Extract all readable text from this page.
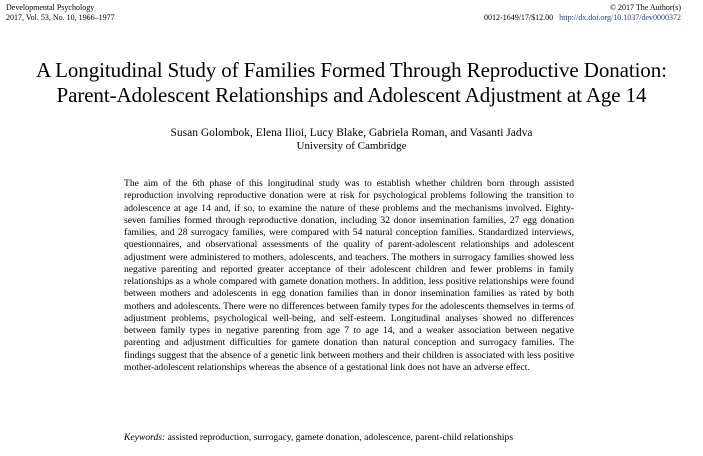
Developmental Psychology
2017, Vol. 53, No. 10, 1966–1977
© 2017 The Author(s)
0012-1649/17/$12.00 http://dx.doi.org/10.1037/dev0000372
A Longitudinal Study of Families Formed Through Reproductive Donation:
Parent-Adolescent Relationships and Adolescent Adjustment at Age 14
Susan Golombok, Elena Ilioi, Lucy Blake, Gabriela Roman, and Vasanti Jadva
University of Cambridge

The aim of the 6th phase of this longitudinal study was to establish whether children born through assisted reproduction involving reproductive donation were at risk for psychological problems following the transition to adolescence at age 14 and, if so, to examine the nature of these problems and the mechanisms involved. Eighty-seven families formed through reproductive donation, including 32 donor insemination families, 27 egg donation families, and 28 surrogacy families, were compared with 54 natural conception families. Standardized interviews, questionnaires, and observational assessments of the quality of parent-adolescent relationships and adolescent adjustment were administered to mothers, adolescents, and teachers. The mothers in surrogacy families showed less negative parenting and reported greater acceptance of their adolescent children and fewer problems in family relationships as a whole compared with gamete donation mothers. In addition, less positive relationships were found between mothers and adolescents in egg donation families than in donor insemination families as rated by both mothers and adolescents. There were no differences between family types for the adolescents themselves in terms of adjustment problems, psychological well-being, and self-esteem. Longitudinal analyses showed no differences between family types in negative parenting from age 7 to age 14, and a weaker association between negative parenting and adjustment difficulties for gamete donation than natural conception and surrogacy families. The findings suggest that the absence of a genetic link between mothers and their children is associated with less positive mother-adolescent relationships whereas the absence of a gestational link does not have an adverse effect.

Keywords: assisted reproduction, surrogacy, gamete donation, adolescence, parent-child relationships
